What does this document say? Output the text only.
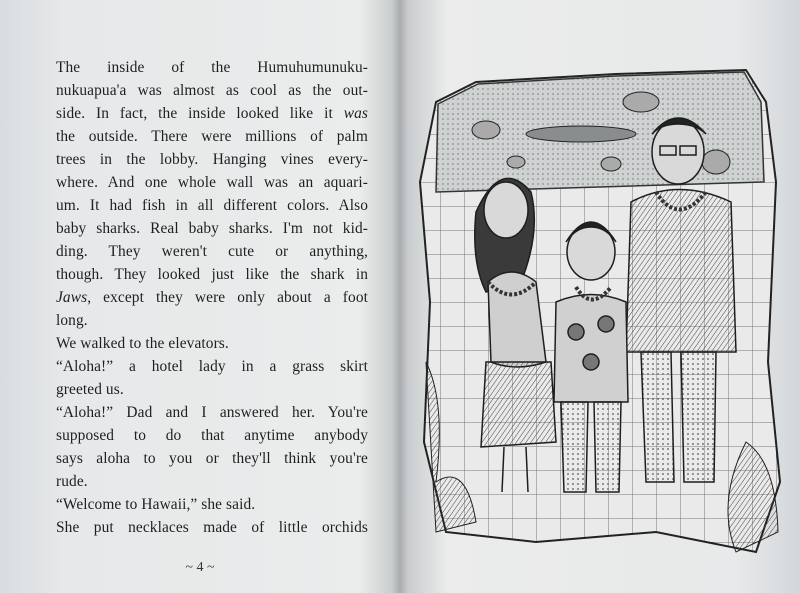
The inside of the Humuhumunuku-
nukuapua'a was almost as cool as the out-
side. In fact, the inside looked like it was
the outside. There were millions of palm
trees in the lobby. Hanging vines every-
where. And one whole wall was an aquari-
um. It had fish in all different colors. Also
baby sharks. Real baby sharks. I'm not kid-
ding. They weren't cute or anything,
though. They looked just like the shark in
Jaws, except they were only about a foot
long.
We walked to the elevators.
“Aloha!” a hotel lady in a grass skirt
greeted us.
“Aloha!” Dad and I answered her. You're
supposed to do that anytime anybody
says aloha to you or they'll think you're
rude.
“Welcome to Hawaii,” she said.
She put necklaces made of little orchids
~ 4 ~
